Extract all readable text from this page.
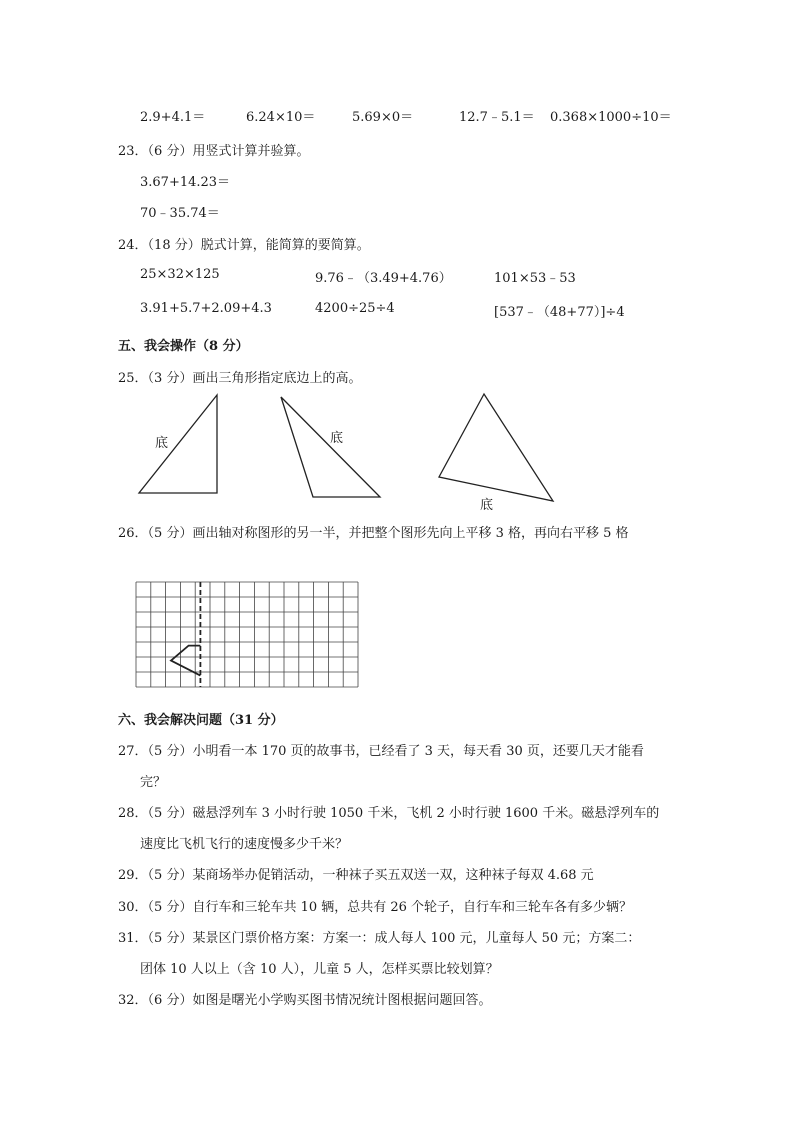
2.9+4.1＝	6.24×10＝	5.69×0＝	12.7﹣5.1＝ 0.368×1000÷10＝
23．（6 分）用竖式计算并验算。
3.67+14.23＝
70﹣35.74＝
24．（18 分）脱式计算，能简算的要简算。
25×32×125	9.76﹣（3.49+4.76）	101×53﹣53
3.91+5.7+2.09+4.3	4200÷25÷4	[537﹣（48+77）]÷4
五、我会操作（8 分）
25．（3 分）画出三角形指定底边上的高。
底	底
底
26．（5 分）画出轴对称图形的另一半，并把整个图形先向上平移 3 格，再向右平移 5 格
六、我会解决问题（31 分）
27．（5 分）小明看一本 170 页的故事书，已经看了 3 天，每天看 30 页，还要几天才能看
完？
28．（5 分）磁悬浮列车 3 小时行驶 1050 千米，飞机 2 小时行驶 1600 千米。磁悬浮列车的
速度比飞机飞行的速度慢多少千米？
29．（5 分）某商场举办促销活动，一种袜子买五双送一双，这种袜子每双 4.68 元
30．（5 分）自行车和三轮车共 10 辆，总共有 26 个轮子，自行车和三轮车各有多少辆？
31．（5 分）某景区门票价格方案：方案一：成人每人 100 元，儿童每人 50 元；方案二：
团体 10 人以上（含 10 人），儿童 5 人，怎样买票比较划算？
32．（6 分）如图是曙光小学购买图书情况统计图根据问题回答。
